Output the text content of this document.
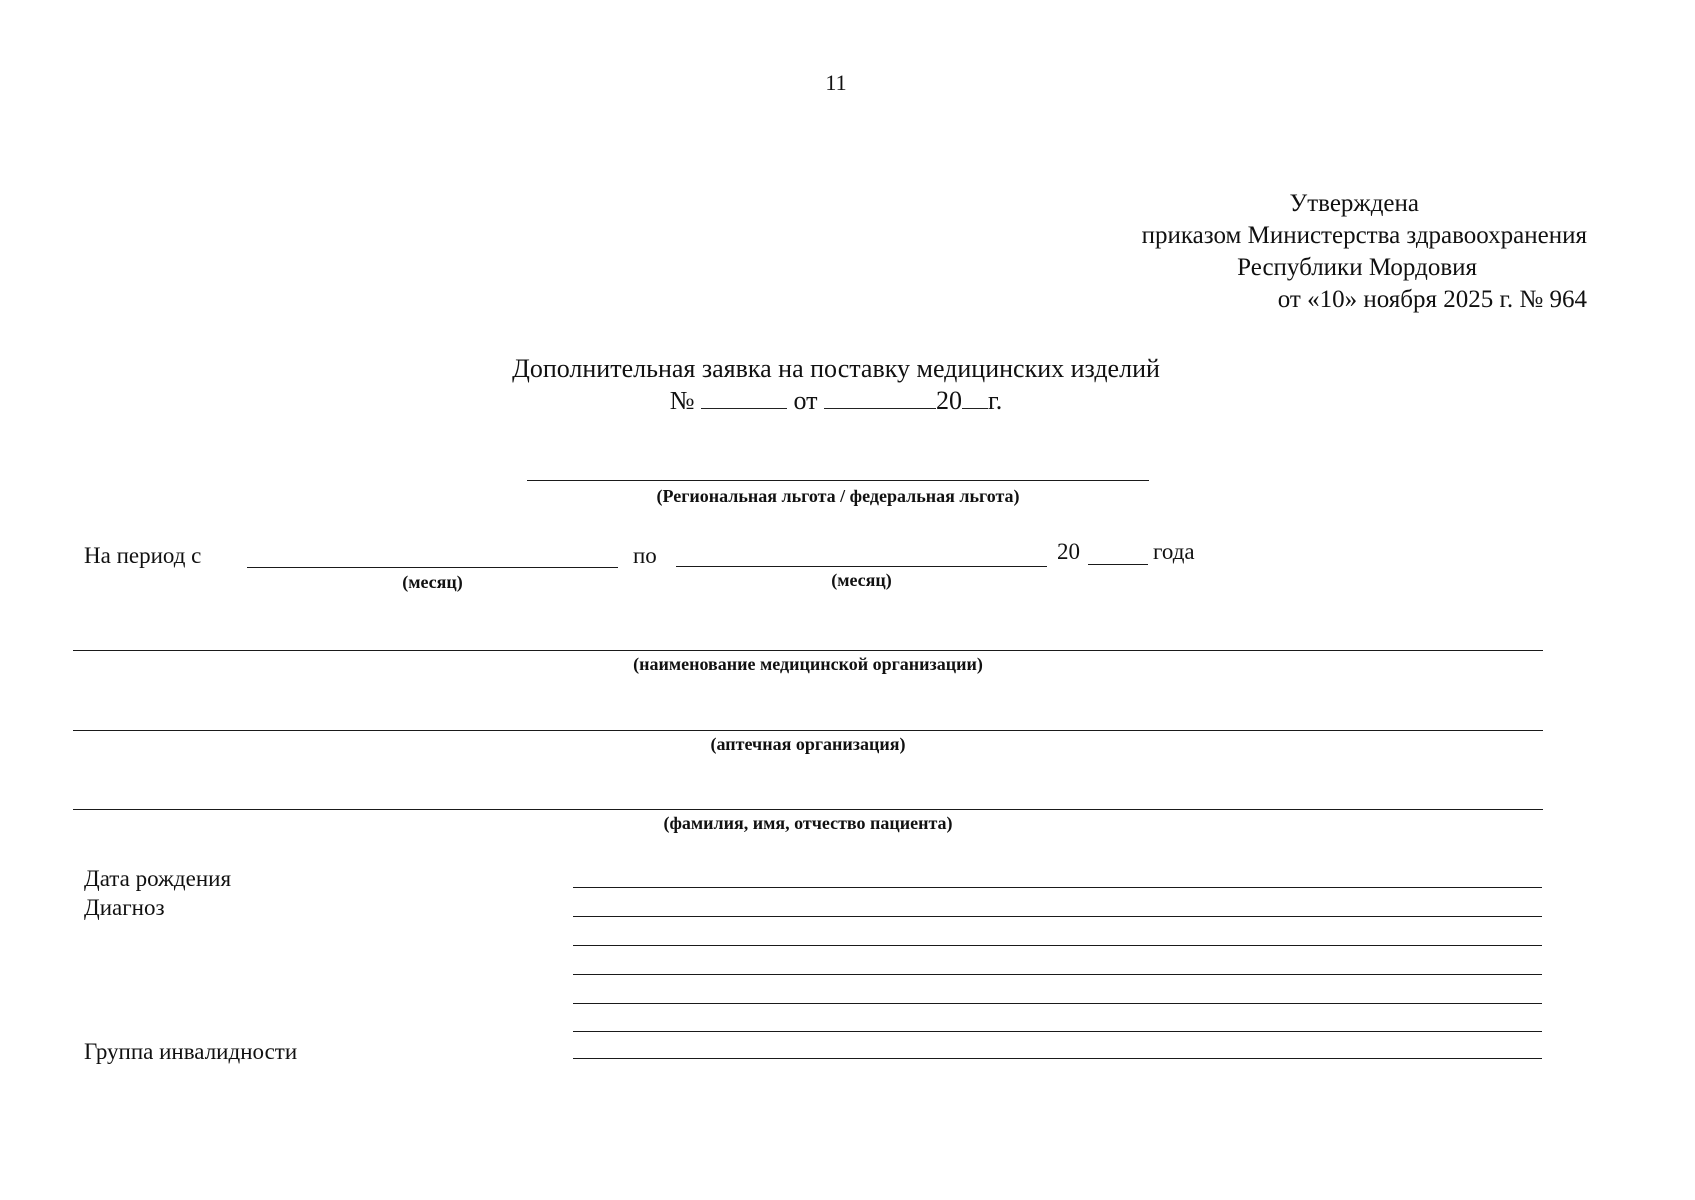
11
Утверждена
приказом Министерства здравоохранения
Республики Мордовия
от «10» ноября 2025 г. № 964
Дополнительная заявка на поставку медицинских изделий
№	от	20 г.
(Региональная льгота / федеральная льгота)
На период с
(месяц)
по
(месяц)
20	года
(наименование медицинской организации)
(аптечная организация)
(фамилия, имя, отчество пациента)
Дата рождения
Диагноз
Группа инвалидности
